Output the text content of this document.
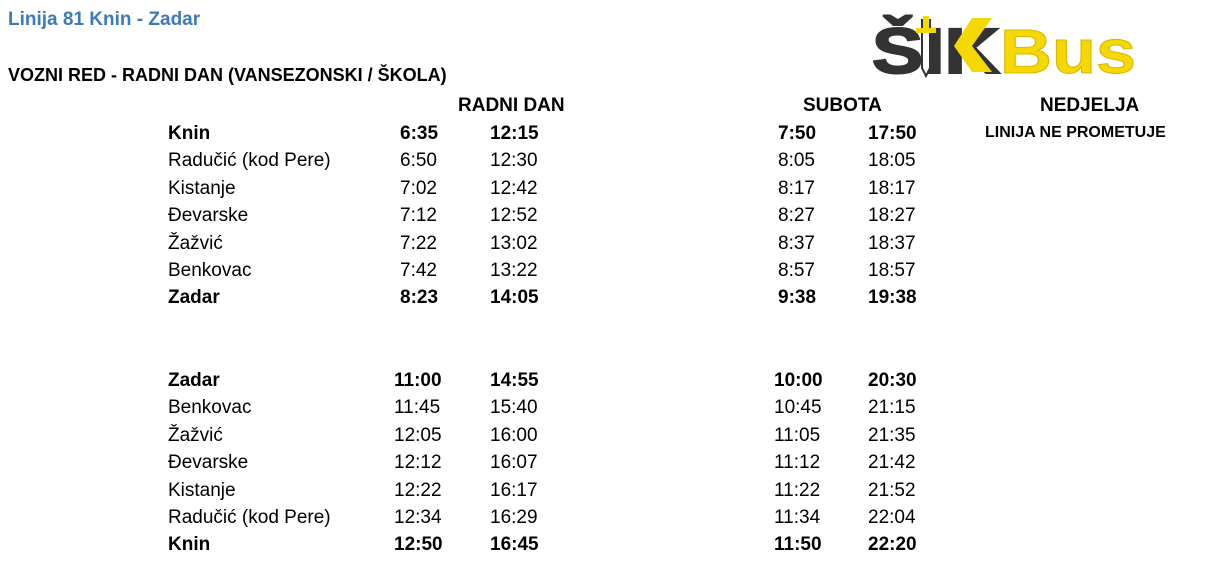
Linija 81 Knin - Zadar
VOZNI RED - RADNI DAN (VANSEZONSKI / ŠKOLA)	Bus
RADNI DAN	SUBOTA	NEDJELJA
LINIJA NE PROMETUJE
Knin	6:35	12:15	7:50	17:50
Radučić (kod Pere)	6:50	12:30	8:05	18:05
Kistanje	7:02	12:42	8:17	18:17
Đevarske	7:12	12:52	8:27	18:27
Žažvić	7:22	13:02	8:37	18:37
Benkovac	7:42	13:22	8:57	18:57
Zadar	8:23	14:05	9:38	19:38
Zadar	11:00	14:55	10:00 20:30
Benkovac	11:45	15:40	10:45 21:15
Žažvić	12:05	16:00	11:05	21:35
Đevarske	12:12	16:07	11:12	21:42
Kistanje	12:22	16:17	11:22	21:52
Radučić (kod Pere)	12:34	16:29	11:34	22:04
Knin	12:50 16:45	11:50 22:20
